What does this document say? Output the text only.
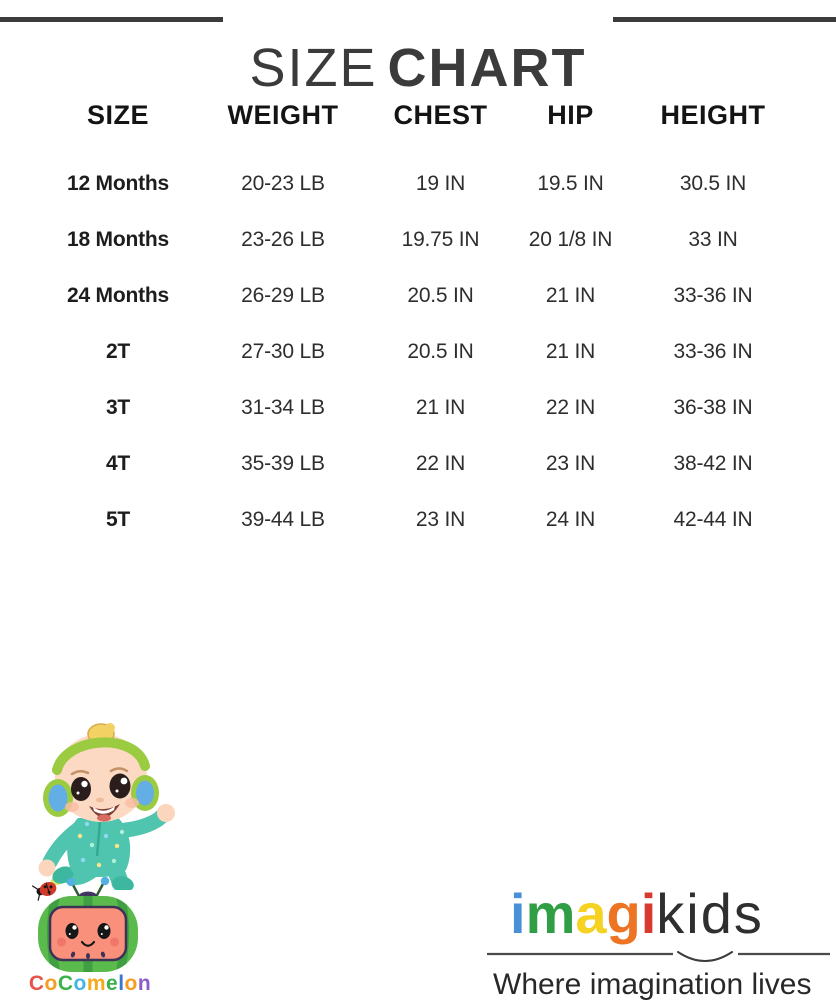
SIZE CHART
SIZE	WEIGHT	CHEST	HIP	HEIGHT
12 Months	20-23 LB	19 IN	19.5 IN	30.5 IN
18 Months	23-26 LB	19.75 IN	20 1/8 IN	33 IN
24 Months	26-29 LB	20.5 IN	21 IN	33-36 IN
2T	27-30 LB	20.5 IN	21 IN	33-36 IN
3T	31-34 LB	21 IN	22 IN	36-38 IN
4T	35-39 LB	22 IN	23 IN	38-42 IN
5T	39-44 LB	23 IN	24 IN	42-44 IN
CoComelon
imagikids
Where imagination lives
